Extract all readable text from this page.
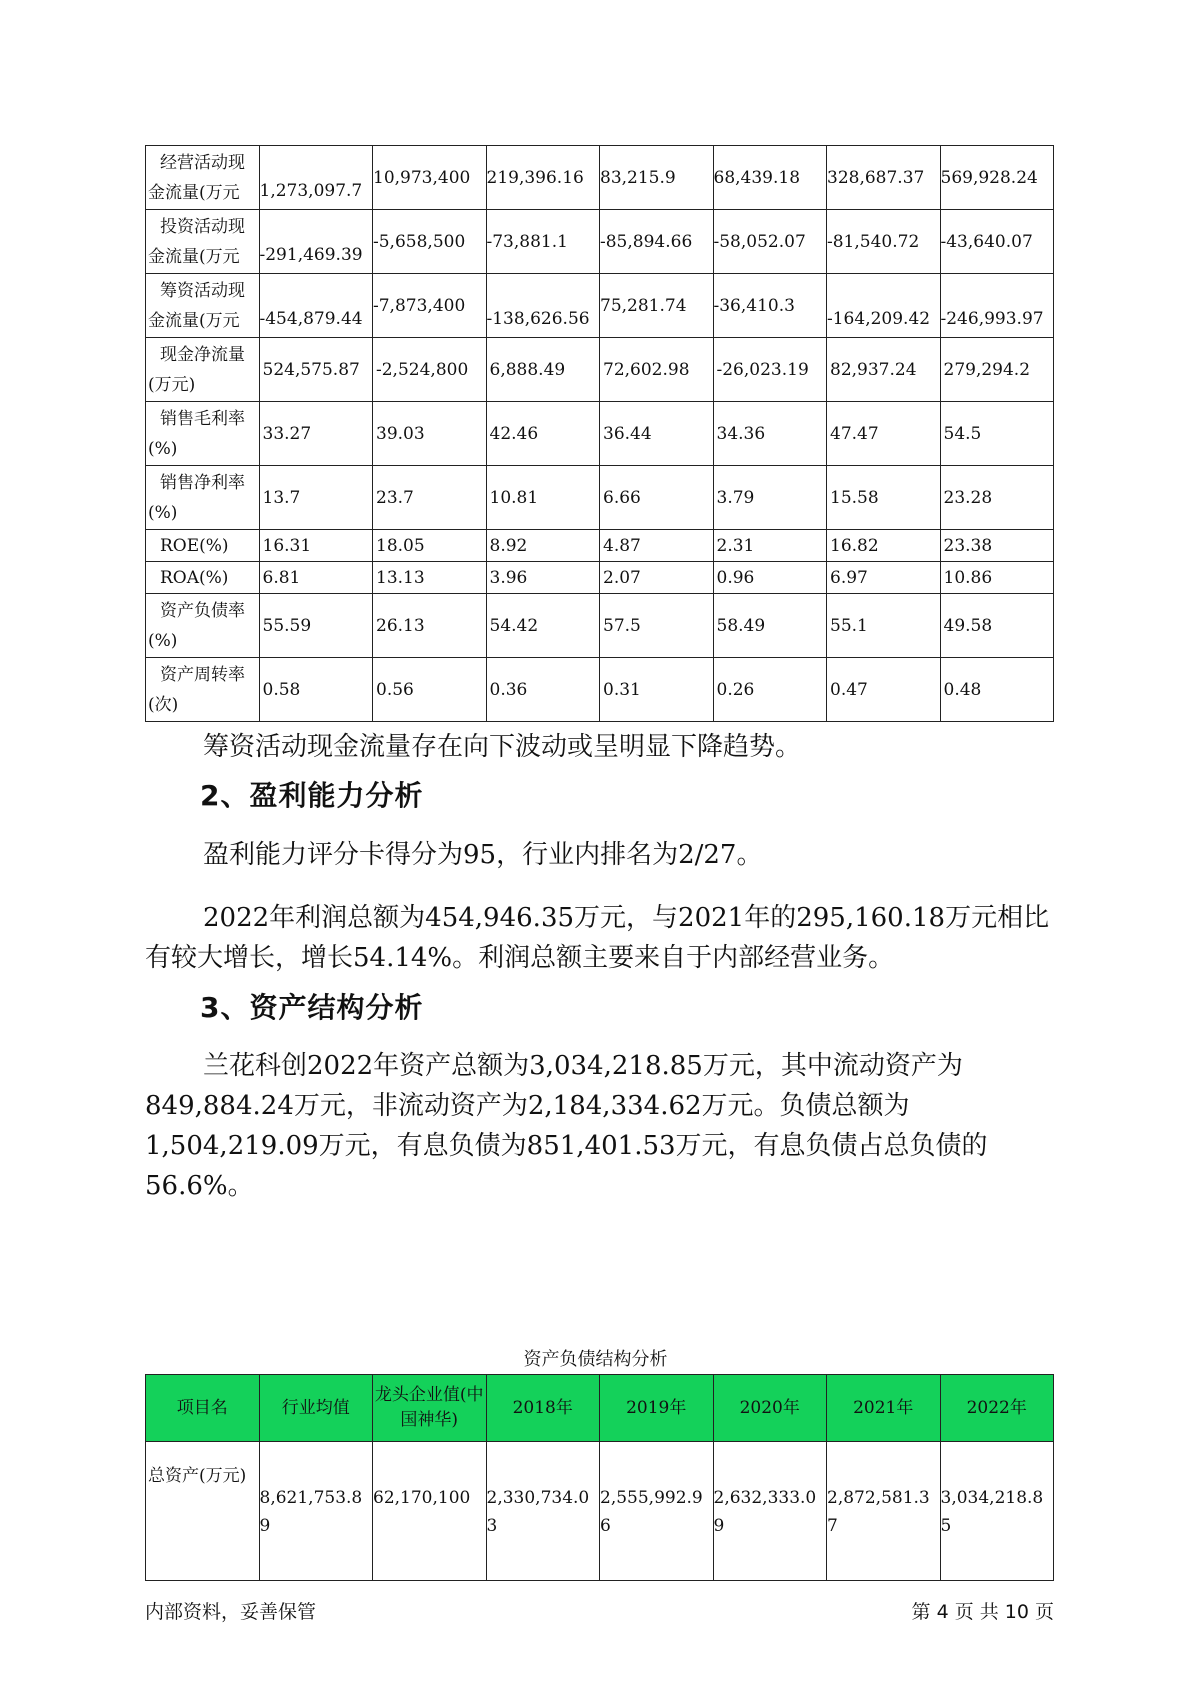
经营活动现
金流量(万元	1,273,097.7	10,973,400	219,396.16	83,215.9	68,439.18	328,687.37	569,928.24

投资活动现
金流量(万元	-291,469.39	-5,658,500	-73,881.1	-85,894.66	-58,052.07	-81,540.72	-43,640.07

筹资活动现
金流量(万元	-454,879.44	-7,873,400	-138,626.56	75,281.74	-36,410.3	-164,209.42	-246,993.97

现金净流量
(万元)	524,575.87	-2,524,800	6,888.49	72,602.98	-26,023.19	82,937.24	279,294.2

销售毛利率
(%)	33.27	39.03	42.46	36.44	34.36	47.47	54.5

销售净利率
(%)	13.7	23.7	10.81	6.66	3.79	15.58	23.28

ROE(%)	16.31	18.05	8.92	4.87	2.31	16.82	23.38

ROA(%)	6.81	13.13	3.96	2.07	0.96	6.97	10.86

资产负债率
(%)	55.59	26.13	54.42	57.5	58.49	55.1	49.58

资产周转率
(次)	0.58	0.56	0.36	0.31	0.26	0.47	0.48
筹资活动现金流量存在向下波动或呈明显下降趋势。
2、盈利能力分析
盈利能力评分卡得分为95，行业内排名为2/27。
2022年利润总额为454,946.35万元，与2021年的295,160.18万元相比有较大增长，增长54.14%。利润总额主要来自于内部经营业务。
3、资产结构分析
兰花科创2022年资产总额为3,034,218.85万元，其中流动资产为849,884.24万元，非流动资产为2,184,334.62万元。负债总额为1,504,219.09万元，有息负债为851,401.53万元，有息负债占总负债的56.6%。
资产负债结构分析
项目名	行业均值	龙头企业值(中国神华)	2018年	2019年	2020年	2021年	2022年
总资产(万元)	8,621,753.89	62,170,100	2,330,734.03	2,555,992.96	2,632,333.09	2,872,581.37	3,034,218.85
内部资料，妥善保管	第 4 页 共 10 页
